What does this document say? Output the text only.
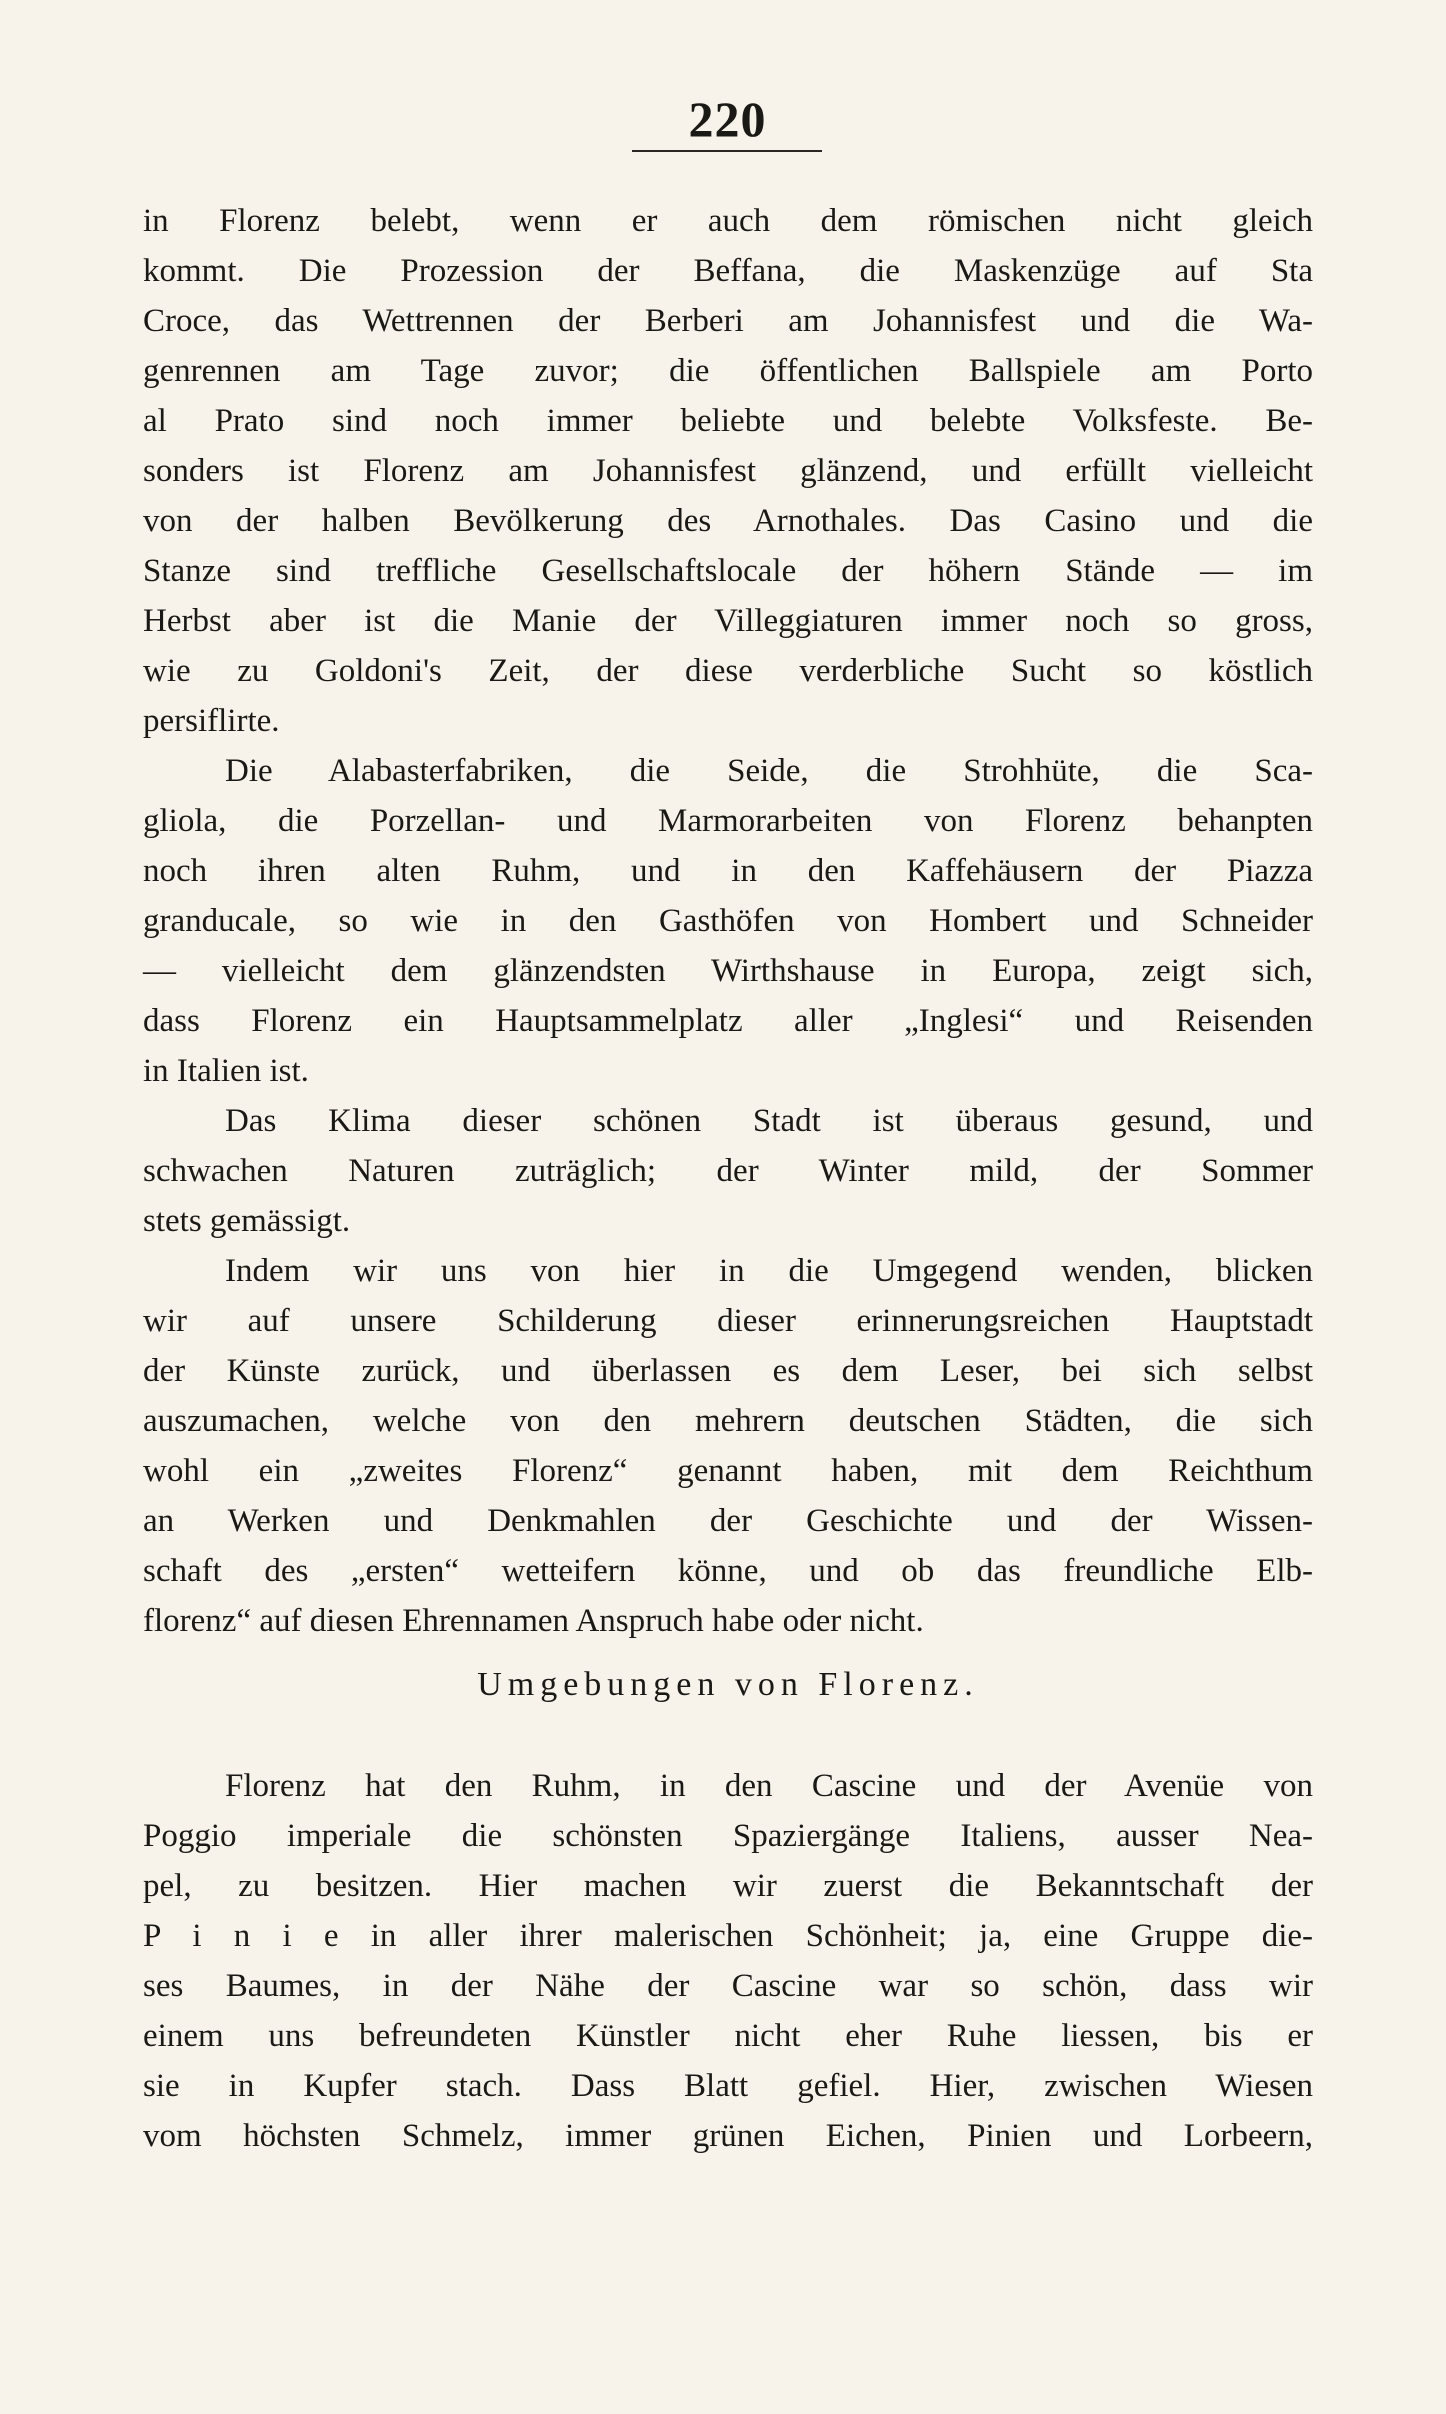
220
in Florenz belebt, wenn er auch dem römischen nicht gleich
kommt. Die Prozession der Beffana, die Maskenzüge auf Sta
Croce, das Wettrennen der Berberi am Johannisfest und die Wa-
genrennen am Tage zuvor; die öffentlichen Ballspiele am Porto
al Prato sind noch immer beliebte und belebte Volksfeste. Be-
sonders ist Florenz am Johannisfest glänzend, und erfüllt vielleicht
von der halben Bevölkerung des Arnothales. Das Casino und die
Stanze sind treffliche Gesellschaftslocale der höhern Stände — im
Herbst aber ist die Manie der Villeggiaturen immer noch so gross,
wie zu Goldoni's Zeit, der diese verderbliche Sucht so köstlich
persiflirte.
Die Alabasterfabriken, die Seide, die Strohhüte, die Sca-
gliola, die Porzellan- und Marmorarbeiten von Florenz behanpten
noch ihren alten Ruhm, und in den Kaffehäusern der Piazza
granducale, so wie in den Gasthöfen von Hombert und Schneider
— vielleicht dem glänzendsten Wirthshause in Europa, zeigt sich,
dass Florenz ein Hauptsammelplatz aller „Inglesi“ und Reisenden
in Italien ist.
Das Klima dieser schönen Stadt ist überaus gesund, und
schwachen Naturen zuträglich; der Winter mild, der Sommer
stets gemässigt.
Indem wir uns von hier in die Umgegend wenden, blicken
wir auf unsere Schilderung dieser erinnerungsreichen Hauptstadt
der Künste zurück, und überlassen es dem Leser, bei sich selbst
auszumachen, welche von den mehrern deutschen Städten, die sich
wohl ein „zweites Florenz“ genannt haben, mit dem Reichthum
an Werken und Denkmahlen der Geschichte und der Wissen-
schaft des „ersten“ wetteifern könne, und ob das freundliche Elb-
florenz“ auf diesen Ehrennamen Anspruch habe oder nicht.
Umgebungen von Florenz.
Florenz hat den Ruhm, in den Cascine und der Avenüe von
Poggio imperiale die schönsten Spaziergänge Italiens, ausser Nea-
pel, zu besitzen. Hier machen wir zuerst die Bekanntschaft der
P i n i e in aller ihrer malerischen Schönheit; ja, eine Gruppe die-
ses Baumes, in der Nähe der Cascine war so schön, dass wir
einem uns befreundeten Künstler nicht eher Ruhe liessen, bis er
sie in Kupfer stach. Dass Blatt gefiel. Hier, zwischen Wiesen
vom höchsten Schmelz, immer grünen Eichen, Pinien und Lorbeern,
